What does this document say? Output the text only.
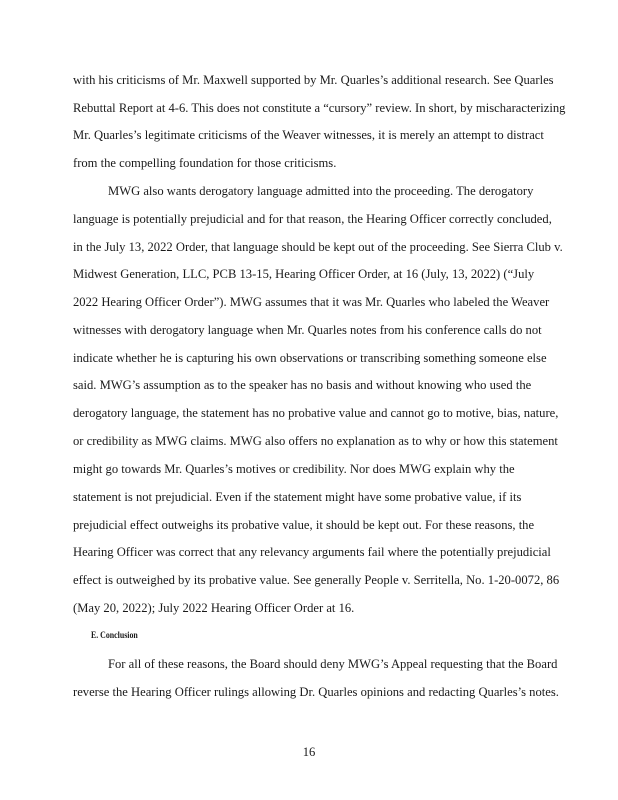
with his criticisms of Mr. Maxwell supported by Mr. Quarles’s additional research. See Quarles
Rebuttal Report at 4-6. This does not constitute a “cursory” review. In short, by mischaracterizing
Mr. Quarles’s legitimate criticisms of the Weaver witnesses, it is merely an attempt to distract
from the compelling foundation for those criticisms.
MWG also wants derogatory language admitted into the proceeding. The derogatory
language is potentially prejudicial and for that reason, the Hearing Officer correctly concluded,
in the July 13, 2022 Order, that language should be kept out of the proceeding. See Sierra Club v.
Midwest Generation, LLC, PCB 13-15, Hearing Officer Order, at 16 (July, 13, 2022) (“July
2022 Hearing Officer Order”). MWG assumes that it was Mr. Quarles who labeled the Weaver
witnesses with derogatory language when Mr. Quarles notes from his conference calls do not
indicate whether he is capturing his own observations or transcribing something someone else
said. MWG’s assumption as to the speaker has no basis and without knowing who used the
derogatory language, the statement has no probative value and cannot go to motive, bias, nature,
or credibility as MWG claims. MWG also offers no explanation as to why or how this statement
might go towards Mr. Quarles’s motives or credibility. Nor does MWG explain why the
statement is not prejudicial. Even if the statement might have some probative value, if its
prejudicial effect outweighs its probative value, it should be kept out. For these reasons, the
Hearing Officer was correct that any relevancy arguments fail where the potentially prejudicial
effect is outweighed by its probative value. See generally People v. Serritella, No. 1-20-0072, 86
(May 20, 2022); July 2022 Hearing Officer Order at 16.
E. Conclusion
For all of these reasons, the Board should deny MWG’s Appeal requesting that the Board
reverse the Hearing Officer rulings allowing Dr. Quarles opinions and redacting Quarles’s notes.
16
